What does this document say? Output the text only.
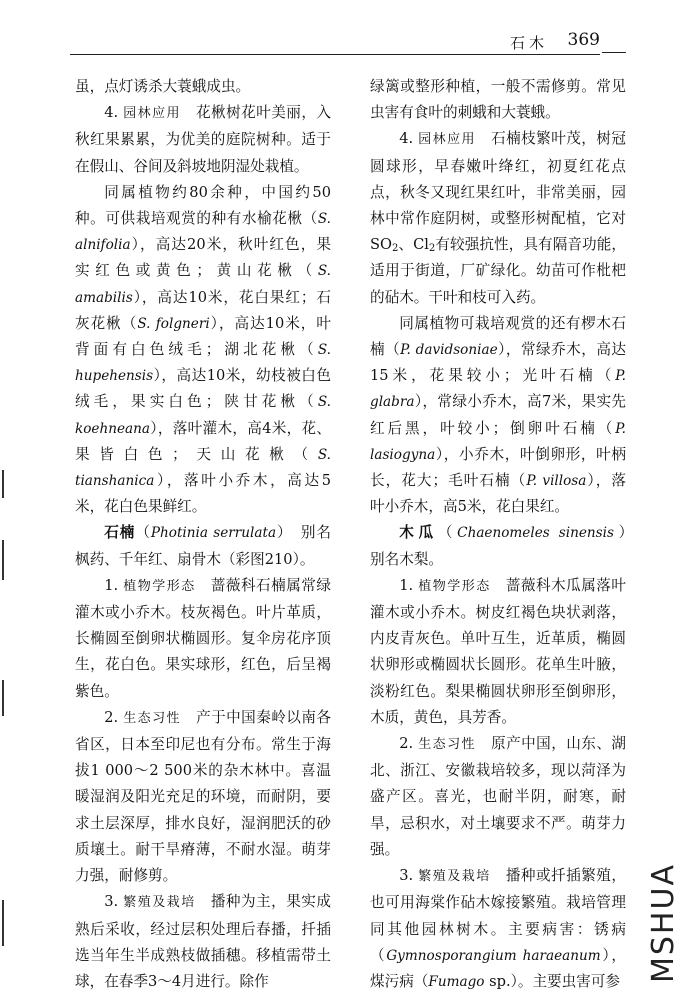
石木 369

虽，点灯诱杀大蓑蛾成虫。

4. 园林应用　 花楸树花叶美丽，入秋红果累累，为优美的庭院树种。适于在假山、谷间及斜坡地阴湿处栽植。

同属植物约80余种，中国约50种。可供栽培观赏的种有水榆花楸（S. alnifolia），高达20米，秋叶红色，果实红色或黄色；黄山花楸（S. amabilis），高达10米，花白果红；石灰花楸（S. folgneri），高达10米，叶背面有白色绒毛；湖北花楸（S. hupehensis），高达10米，幼枝被白色绒毛，果实白色；陕甘花楸（S. koehneana），落叶灌木，高4米，花、果皆白色；天山花楸（S. tianshanica），落叶小乔木，高达5米，花白色果鲜红。

石楠（Photinia serrulata）　别名枫药、千年红、扇骨木（彩图210）。

1. 植物学形态　 蔷薇科石楠属常绿灌木或小乔木。枝灰褐色。叶片革质，长椭圆至倒卵状椭圆形。复伞房花序顶生，花白色。果实球形，红色，后呈褐紫色。

2. 生态习性　 产于中国秦岭以南各省区，日本至印尼也有分布。常生于海拔1 000～2 500米的杂木林中。喜温暖湿润及阳光充足的环境，而耐阴，要求土层深厚，排水良好，湿润肥沃的砂质壤土。耐干旱瘠薄，不耐水湿。萌芽力强，耐修剪。

3. 繁殖及栽培　 播种为主，果实成熟后采收，经过层积处理后春播，扦插选当年生半成熟枝做插穗。移植需带土球，在春季3～4月进行。除作

绿篱或整形种植，一般不需修剪。常见虫害有食叶的刺蛾和大蓑蛾。

4. 园林应用　 石楠枝繁叶茂，树冠圆球形，早春嫩叶绛红，初夏红花点点，秋冬又现红果红叶，非常美丽，园林中常作庭阴树，或整形树配植，它对$SO_2$、$Cl_2$有较强抗性，具有隔音功能，适用于街道，厂矿绿化。幼苗可作枇杷的砧木。干叶和枝可入药。

同属植物可栽培观赏的还有椤木石楠（P. davidsoniae），常绿乔木，高达15米，花果较小；光叶石楠（P. glabra），常绿小乔木，高7米，果实先红后黑，叶较小；倒卵叶石楠（P. lasiogyna），小乔木，叶倒卵形，叶柄长，花大；毛叶石楠（P. villosa），落叶小乔木，高5米，花白果红。

木瓜（Chaenomeles sinensis）　别名木梨。

1. 植物学形态　 蔷薇科木瓜属落叶灌木或小乔木。树皮红褐色块状剥落，内皮青灰色。单叶互生，近革质，椭圆状卵形或椭圆状长圆形。花单生叶腋，淡粉红色。梨果椭圆状卵形至倒卵形，木质，黄色，具芳香。

2. 生态习性　 原产中国，山东、湖北、浙江、安徽栽培较多，现以菏泽为盛产区。喜光，也耐半阴，耐寒，耐旱，忌积水，对土壤要求不严。萌芽力强。

3. 繁殖及栽培　 播种或扦插繁殖，也可用海棠作砧木嫁接繁殖。栽培管理同其他园林树木。主要病害：锈病（Gymnosporangium haraeanum），煤污病（Fumago sp.）。主要虫害可参 MSHUA
